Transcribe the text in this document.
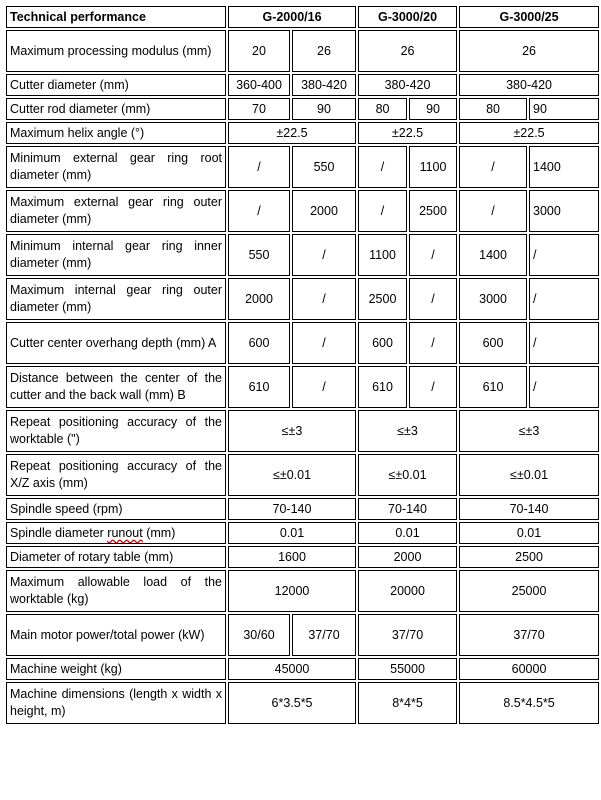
Technical performance	G-2000/16		G-3000/20		G-3000/25	
Maximum processing modulus (mm)	20	26	26		26	
Cutter diameter (mm)	360-400	380-420	380-420		380-420	
Cutter rod diameter (mm)	70	90	80	90	80	90
Maximum helix angle (°)	±22.5		±22.5		±22.5	
Minimum external gear ring root diameter (mm)	/	550	/	1100	/	1400
Maximum external gear ring outer diameter (mm)	/	2000	/	2500	/	3000
Minimum internal gear ring inner diameter (mm)	550	/	1100	/	1400	/
Maximum internal gear ring outer diameter (mm)	2000	/	2500	/	3000	/
Cutter center overhang depth (mm) A	600	/	600	/	600	/
Distance between the center of the cutter and the back wall (mm) B	610	/	610	/	610	/
Repeat positioning accuracy of the worktable (")	≤±3		≤±3		≤±3	
Repeat positioning accuracy of the X/Z axis (mm)	≤±0.01		≤±0.01		≤±0.01	
Spindle speed (rpm)	70-140		70-140		70-140	
Spindle diameter runout (mm)	0.01		0.01		0.01	
Diameter of rotary table (mm)	1600		2000		2500	
Maximum allowable load of the worktable (kg)	12000		20000		25000	
Main motor power/total power (kW)	30/60	37/70	37/70		37/70	
Machine weight (kg)	45000		55000		60000	
Machine dimensions (length x width x height, m)	6*3.5*5		8*4*5		8.5*4.5*5	
